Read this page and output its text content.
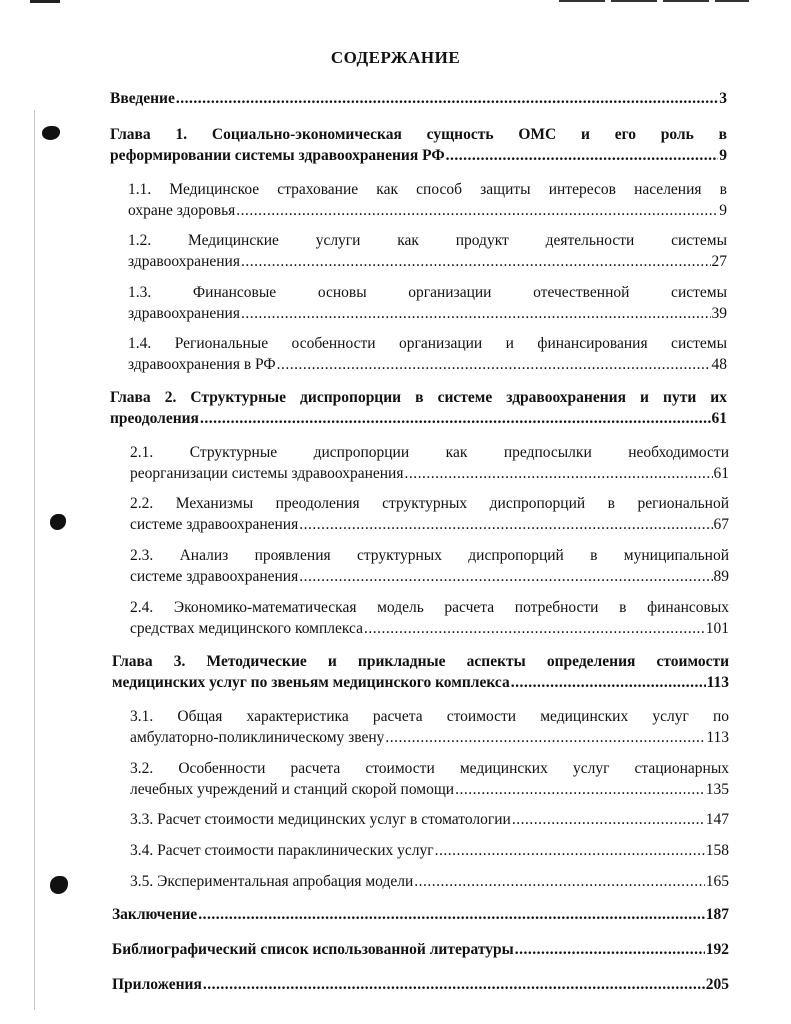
СОДЕРЖАНИЕ
Введение .....	3
Глава 1. Социально-экономическая сущность ОМС и его роль в
реформировании системы здравоохранения РФ .....	9
1.1. Медицинское страхование как способ защиты интересов населения в
охране здоровья .....	9
1.2. Медицинские услуги как продукт деятельности системы
здравоохранения .....	27
1.3. Финансовые основы организации отечественной системы
здравоохранения .....	39
1.4. Региональные особенности организации и финансирования системы
здравоохранения в РФ .....	48
Глава 2. Структурные диспропорции в системе здравоохранения и пути их
преодоления .....	61
2.1. Структурные диспропорции как предпосылки необходимости
реорганизации системы здравоохранения .....	61
2.2. Механизмы преодоления структурных диспропорций в региональной
системе здравоохранения .....	67
2.3. Анализ проявления структурных диспропорций в муниципальной
системе здравоохранения .....	89
2.4. Экономико-математическая модель расчета потребности в финансовых
средствах медицинского комплекса .....	101
Глава 3. Методические и прикладные аспекты определения стоимости
медицинских услуг по звеньям медицинского комплекса .....	113
3.1. Общая характеристика расчета стоимости медицинских услуг по
амбулаторно-поликлиническому звену .....	113
3.2. Особенности расчета стоимости медицинских услуг стационарных
лечебных учреждений и станций скорой помощи .....	135
3.3. Расчет стоимости медицинских услуг в стоматологии .....	147
3.4. Расчет стоимости параклинических услуг .....	158
3.5. Экспериментальная апробация модели .....	165
Заключение .....	187
Библиографический список использованной литературы .....	192
Приложения .....	205
